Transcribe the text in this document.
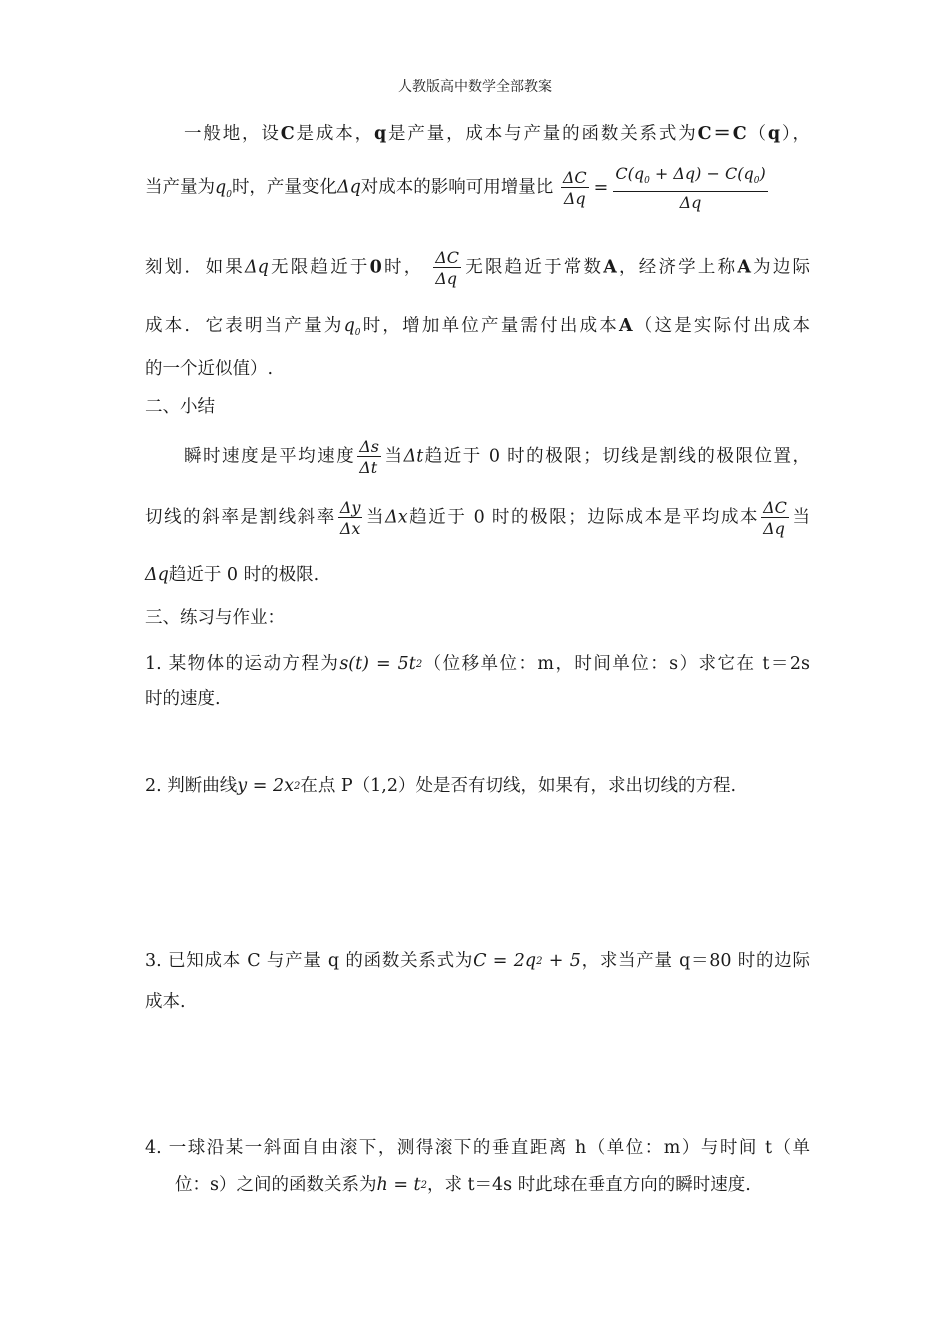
人教版高中数学全部教案
一般地，设C是成本，q是产量，成本与产量的函数关系式为C＝C（q），
当产量为$q_0$时，产量变化Δq对成本的影响可用增量比 $\frac{\Delta C}{\Delta q} = \frac{C(q_0 + \Delta q) - C(q_0)}{\Delta q}$
刻划. 如果Δq无限趋近于0时， $\frac{\Delta C}{\Delta q}$ 无限趋近于常数A，经济学上称A为边际
成本. 它表明当产量为$q_0$时，增加单位产量需付出成本A（这是实际付出成本
的一个近似值）.
二、小结
瞬时速度是平均速度 $\frac{\Delta s}{\Delta t}$ 当Δt趋近于 0 时的极限；切线是割线的极限位置，
切线的斜率是割线斜率 $\frac{\Delta y}{\Delta x}$ 当Δx趋近于 0 时的极限；边际成本是平均成本 $\frac{\Delta C}{\Delta q}$ 当
Δq趋近于 0 时的极限.
三、练习与作业：
1. 某物体的运动方程为$s(t) = 5t^2$（位移单位：m，时间单位：s）求它在 t＝2s
时的速度.
2. 判断曲线$y = 2x^2$在点 P（1,2）处是否有切线，如果有，求出切线的方程.
3. 已知成本 C 与产量 q 的函数关系式为$C = 2q^2 + 5$，求当产量 q＝80 时的边际
成本.
4. 一球沿某一斜面自由滚下，测得滚下的垂直距离 h（单位：m）与时间 t（单
位：s）之间的函数关系为$h = t^2$，求 t＝4s 时此球在垂直方向的瞬时速度.
